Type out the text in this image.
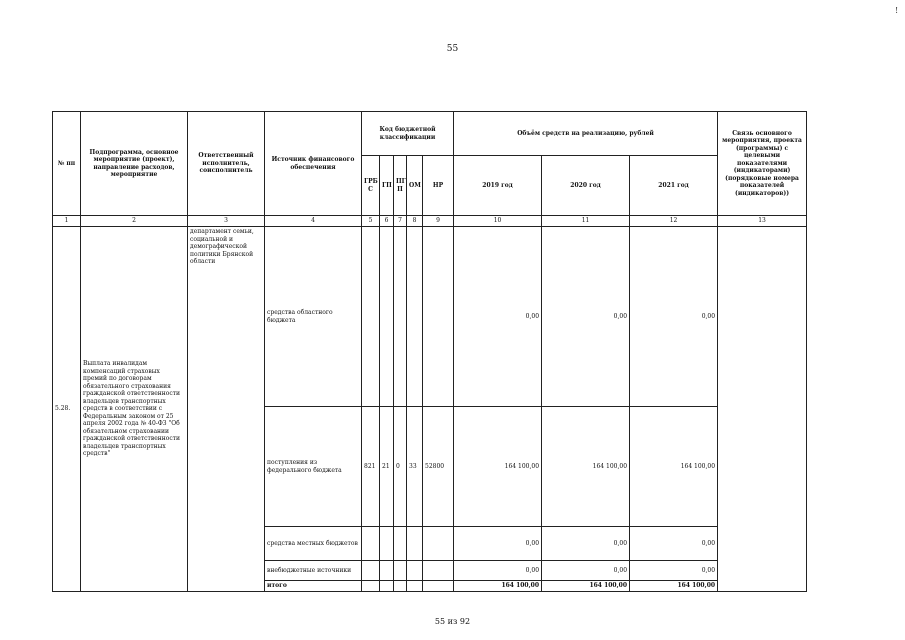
!
55
№ пп	Подпрограмма, основное мероприятие (проект), направление расходов, мероприятие	Ответственный исполнитель, соисполнитель	Источник финансового обеспечения	Код бюджетной классификации					Объём средств на реализацию, рублей			Связь основного мероприятия, проекта (программы) с целевыми показателями (индикаторами) (порядковые номера показателей (индикаторов))
				ГРБ С	ГП	ПГ П	ОМ	НР	2019 год	2020 год	2021 год	
1	2	3	4	5	6	7	8	9	10	11	12	13
5.28.	Выплата инвалидам компенсаций страховых премий по договорам обязательного страхования гражданской ответственности владельцев транспортных средств в соответствии с Федеральным законом от 25 апреля 2002 года № 40-ФЗ "Об обязательном страховании гражданской ответственности владельцев транспортных средств"	департамент семьи, социальной и демографической политики Брянской области	средства областного бюджета						0,00	0,00	0,00	
			поступления из федерального бюджета	821	21	0	33	52800	164 100,00	164 100,00	164 100,00	
			средства местных бюджетов						0,00	0,00	0,00	
			внебюджетные источники						0,00	0,00	0,00	
			итого						164 100,00	164 100,00	164 100,00	
55 из 92
